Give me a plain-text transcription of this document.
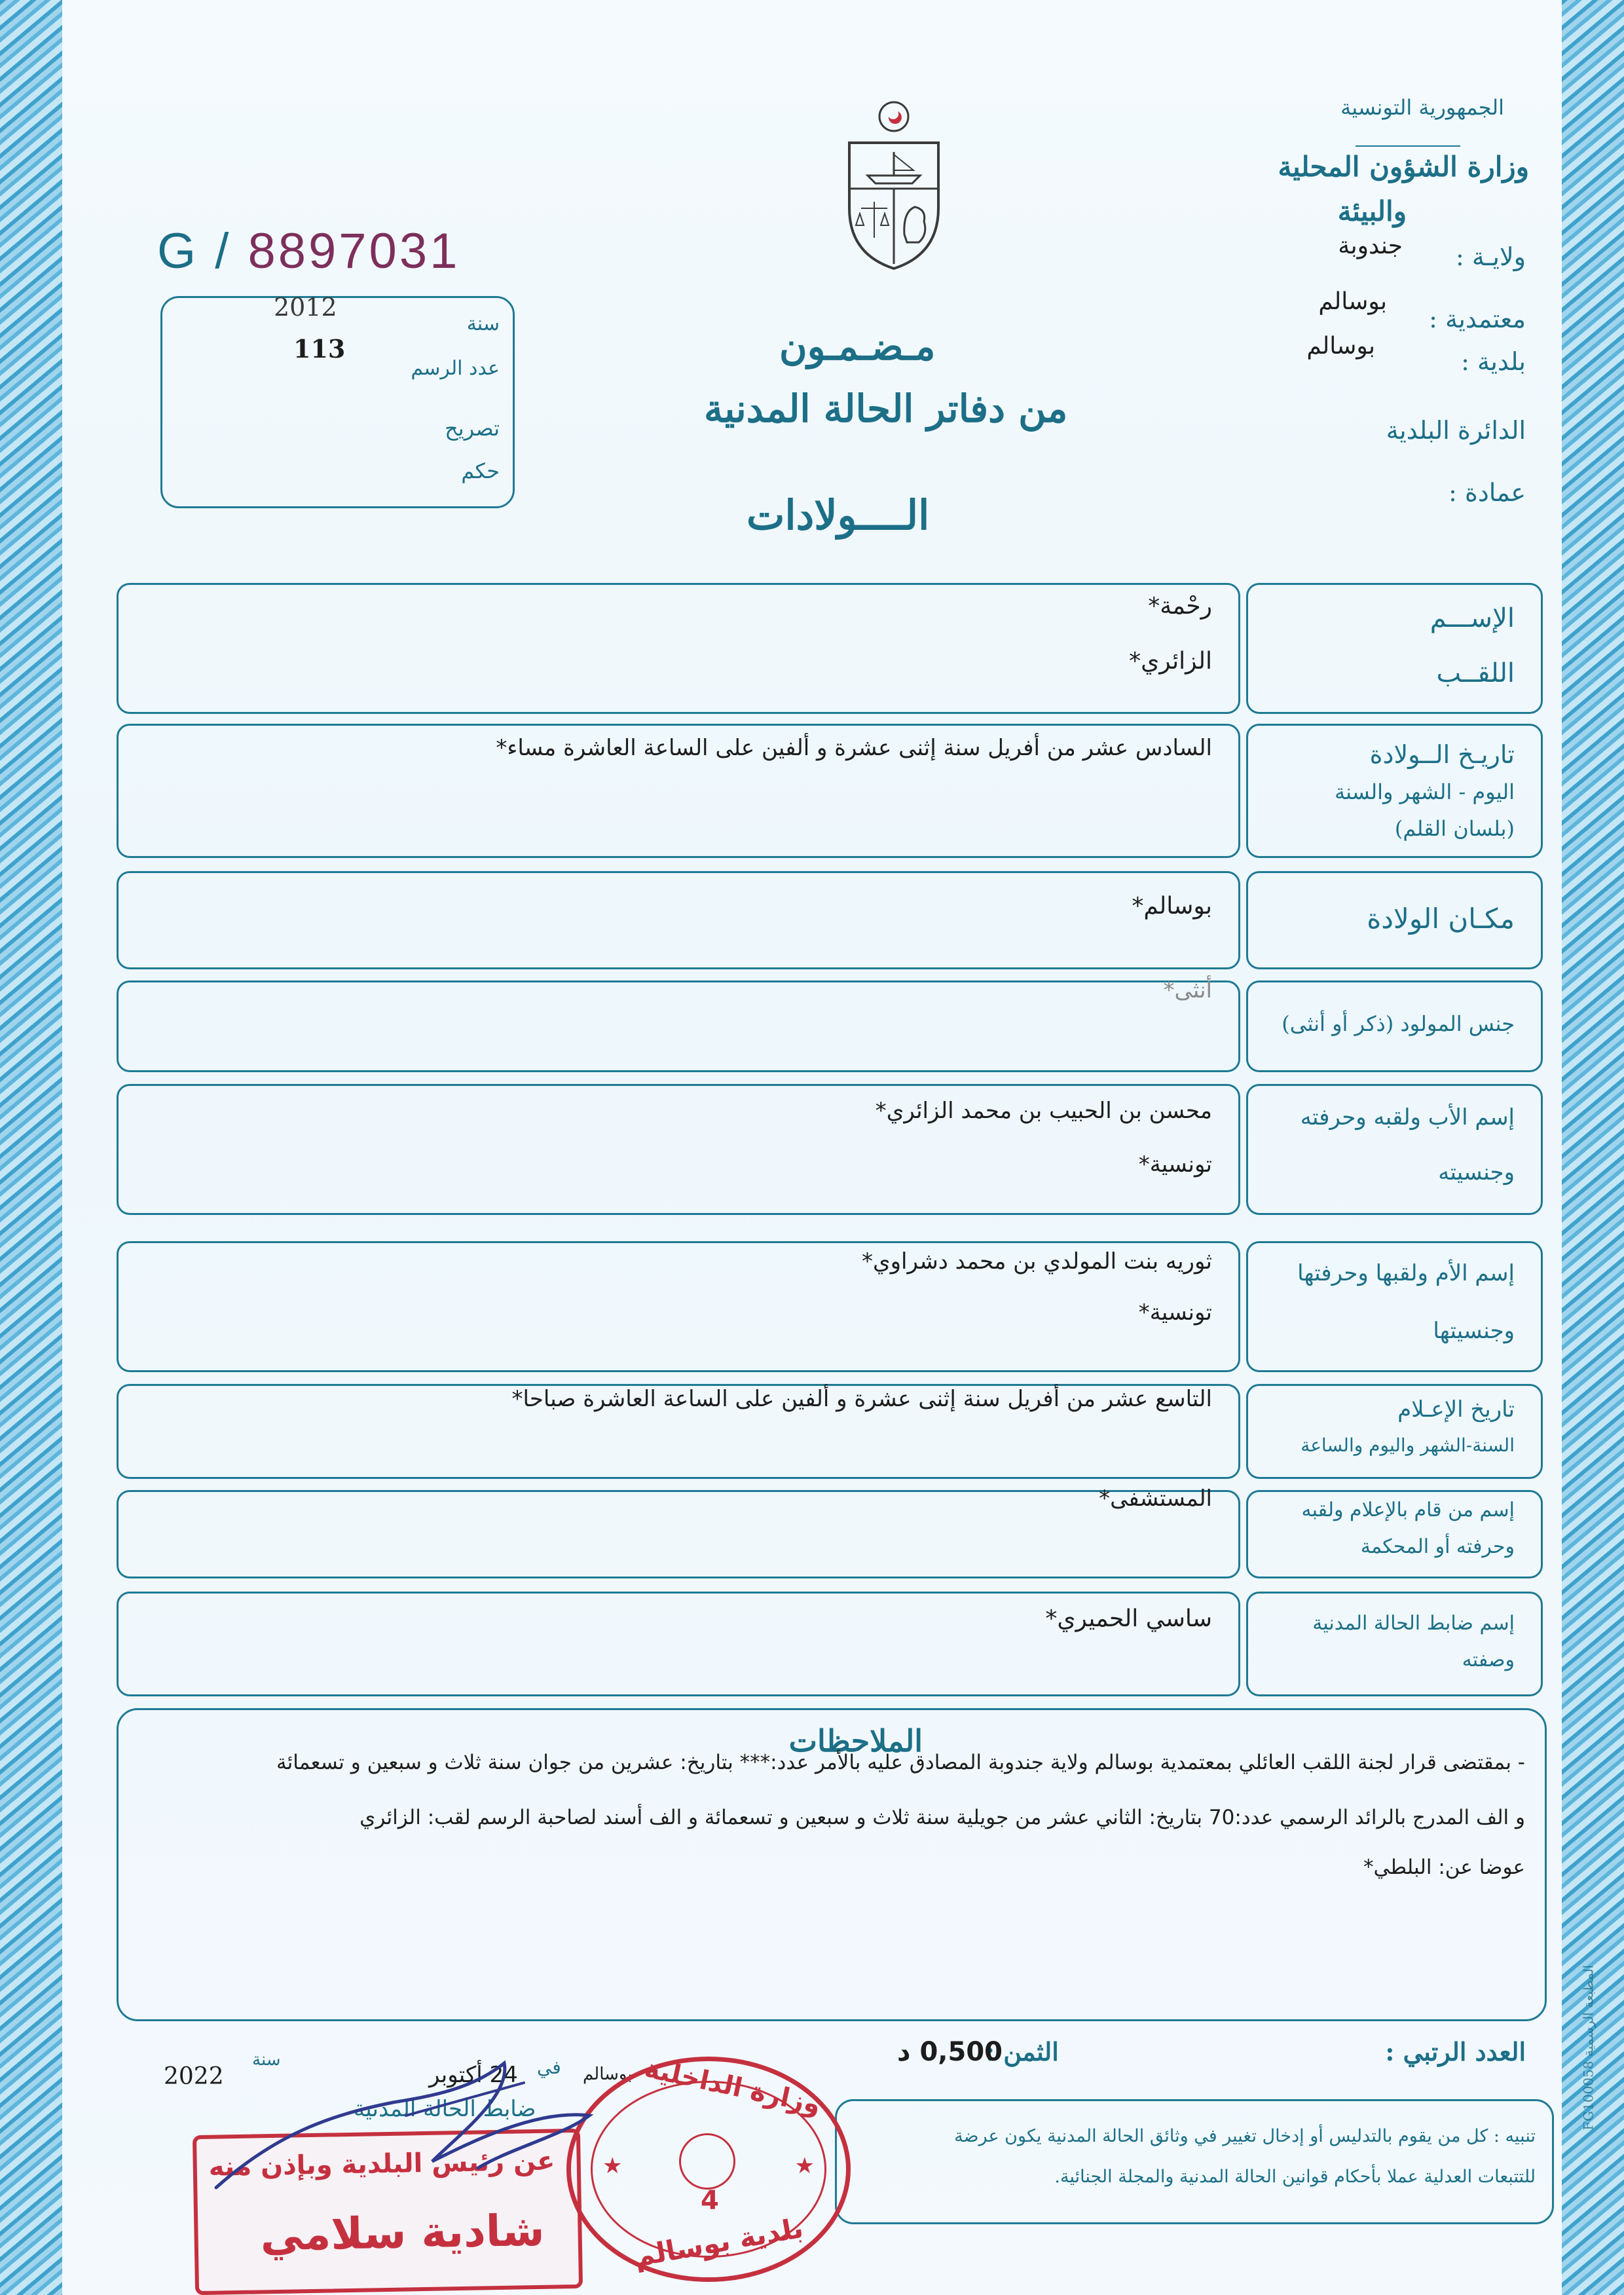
الجمهورية التونسية
وزارة الشؤون المحلية
والبيئة
ولايـة :
جندوبة
معتمدية :
بوسالم
بلدية :
بوسالم
الدائرة البلدية
عمادة :
G / 8897031
سنة
2012
عدد الرسم
113
تصريح
حكم
مـضـمـون
من دفاتر الحالة المدنية
الــــولادات
رحْمة*
الزائري*
الإســـم
اللقــب
السادس عشر من أفريل سنة إثنى عشرة و ألفين على الساعة العاشرة مساء*	تاريـخ الــولادة
اليوم - الشهر والسنة
(بلسان القلم)
بوسالم*	مكـان الولادة
أنثى*
جنس المولود (ذكر أو أنثى)
محسن بن الحبيب بن محمد الزائري*
تونسية*
إسم الأب ولقبه وحرفته
وجنسيته
ثوريه بنت المولدي بن محمد دشراوي*
تونسية*
إسم الأم ولقبها وحرفتها
وجنسيتها
التاسع عشر من أفريل سنة إثنى عشرة و ألفين على الساعة العاشرة صباحا*	تاريخ الإعـلام
السنة-الشهر واليوم والساعة
المستشفى*	إسم من قام بالإعلام ولقبه
وحرفته أو المحكمة
ساسي الحميري*	إسم ضابط الحالة المدنية
وصفته
الملاحظات
- بمقتضى قرار لجنة اللقب العائلي بمعتمدية بوسالم ولاية جندوبة المصادق عليه بالأمر عدد:*** بتاريخ: عشرين من جوان سنة ثلاث و سبعين و تسعمائة
و الف المدرج بالرائد الرسمي عدد:70 بتاريخ: الثاني عشر من جويلية سنة ثلاث و سبعين و تسعمائة و الف أسند لصاحبة الرسم لقب: الزائري
عوضا عن: البلطي*
المطبعة الرسمية FG100058
العدد الرتبي :
الثمن :
0,500 د
بوسالم
في
24 أكتوبر
سنة
2022
ضابط الحالة المدنية
تنبيه : كل من يقوم بالتدليس أو إدخال تغيير في وثائق الحالة المدنية يكون عرضة
للتتبعات العدلية عملا بأحكام قوانين الحالة المدنية والمجلة الجنائية.
عن رئيس البلدية وبإذن منه
شادية سلامي
وزارة الداخلية
بلدية بوسالم
4
★	★
